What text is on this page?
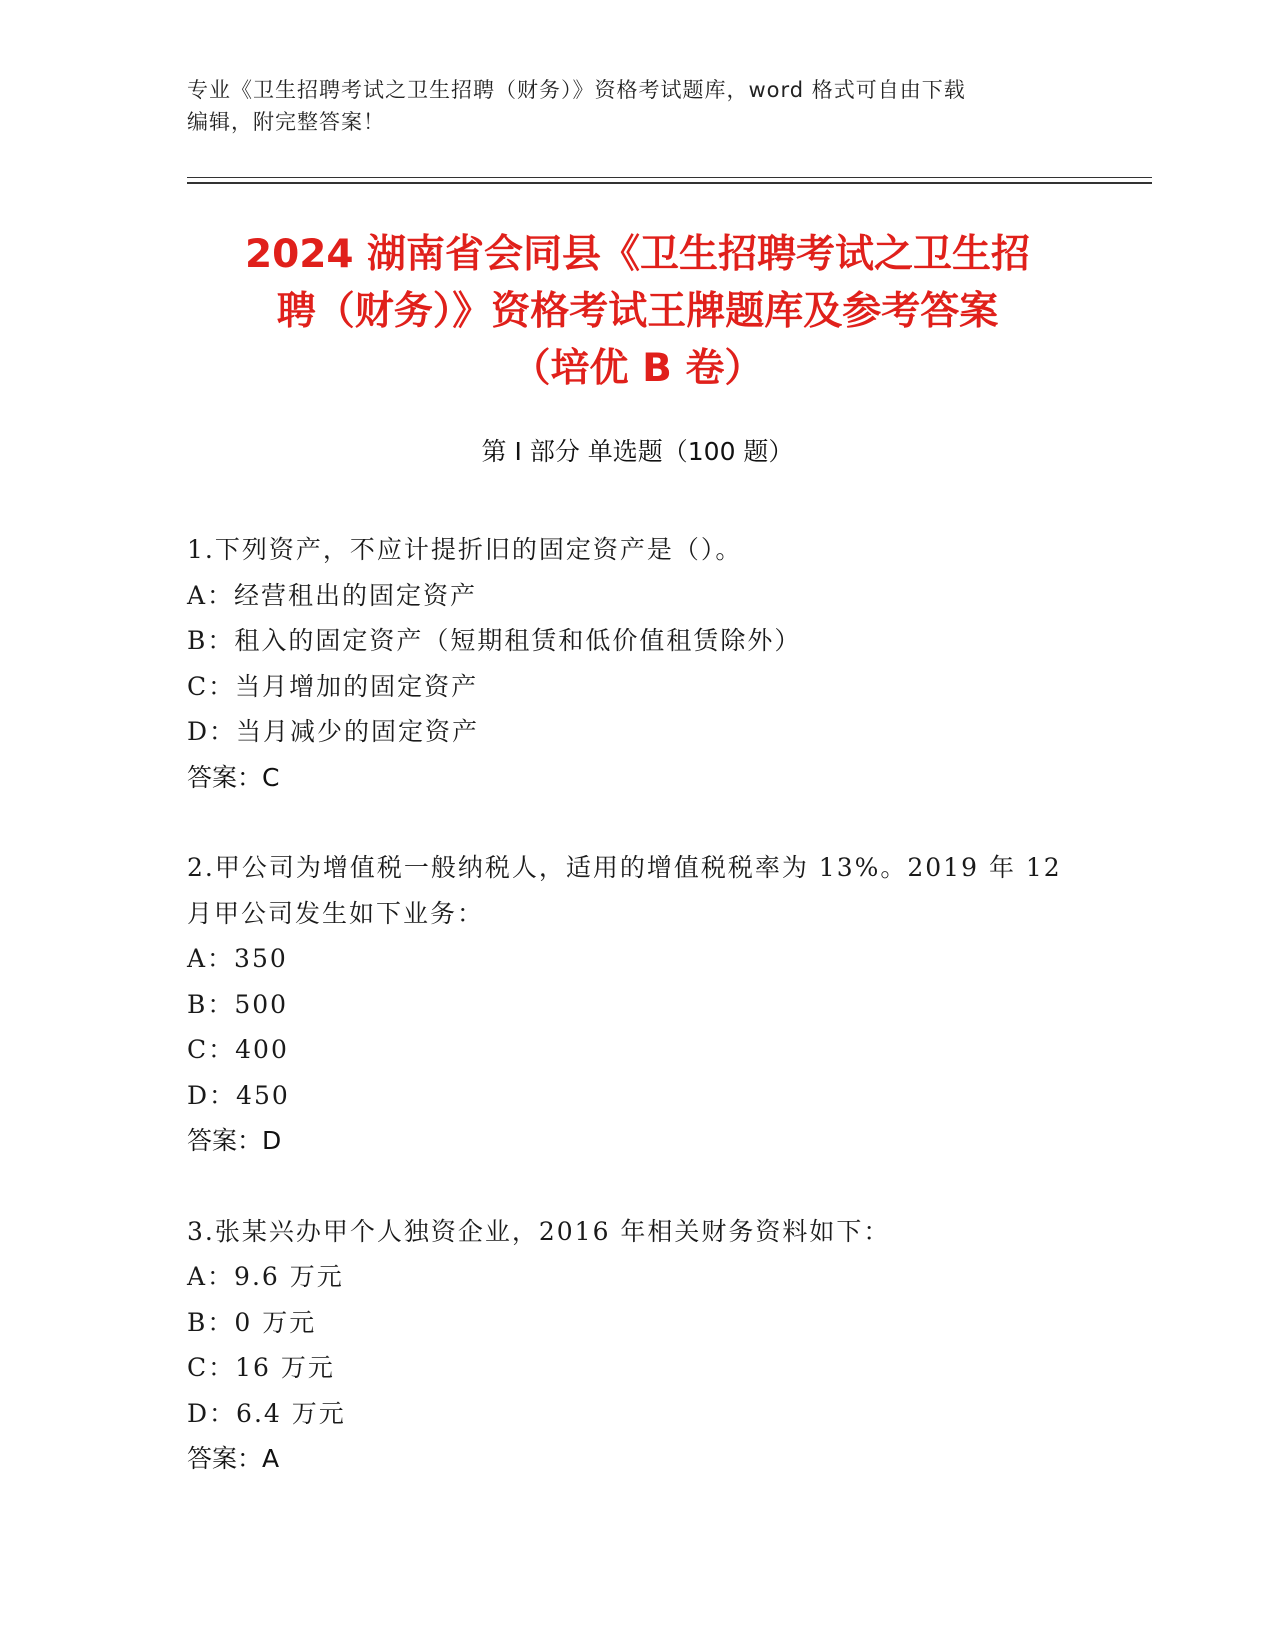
专业《卫生招聘考试之卫生招聘（财务）》资格考试题库，word 格式可自由下载
编辑，附完整答案！
2024 湖南省会同县《卫生招聘考试之卫生招
聘（财务）》资格考试王牌题库及参考答案
（培优 B 卷）
第 I 部分 单选题（100 题）
1.下列资产，不应计提折旧的固定资产是（）。
A：经营租出的固定资产
B：租入的固定资产（短期租赁和低价值租赁除外）
C：当月增加的固定资产
D：当月减少的固定资产
答案：C
2.甲公司为增值税一般纳税人，适用的增值税税率为 13%。2019 年 12 月甲公司发生如下业务：
A：350
B：500
C：400
D：450
答案：D
3.张某兴办甲个人独资企业，2016 年相关财务资料如下：
A：9.6 万元
B：0 万元
C：16 万元
D：6.4 万元
答案：A
